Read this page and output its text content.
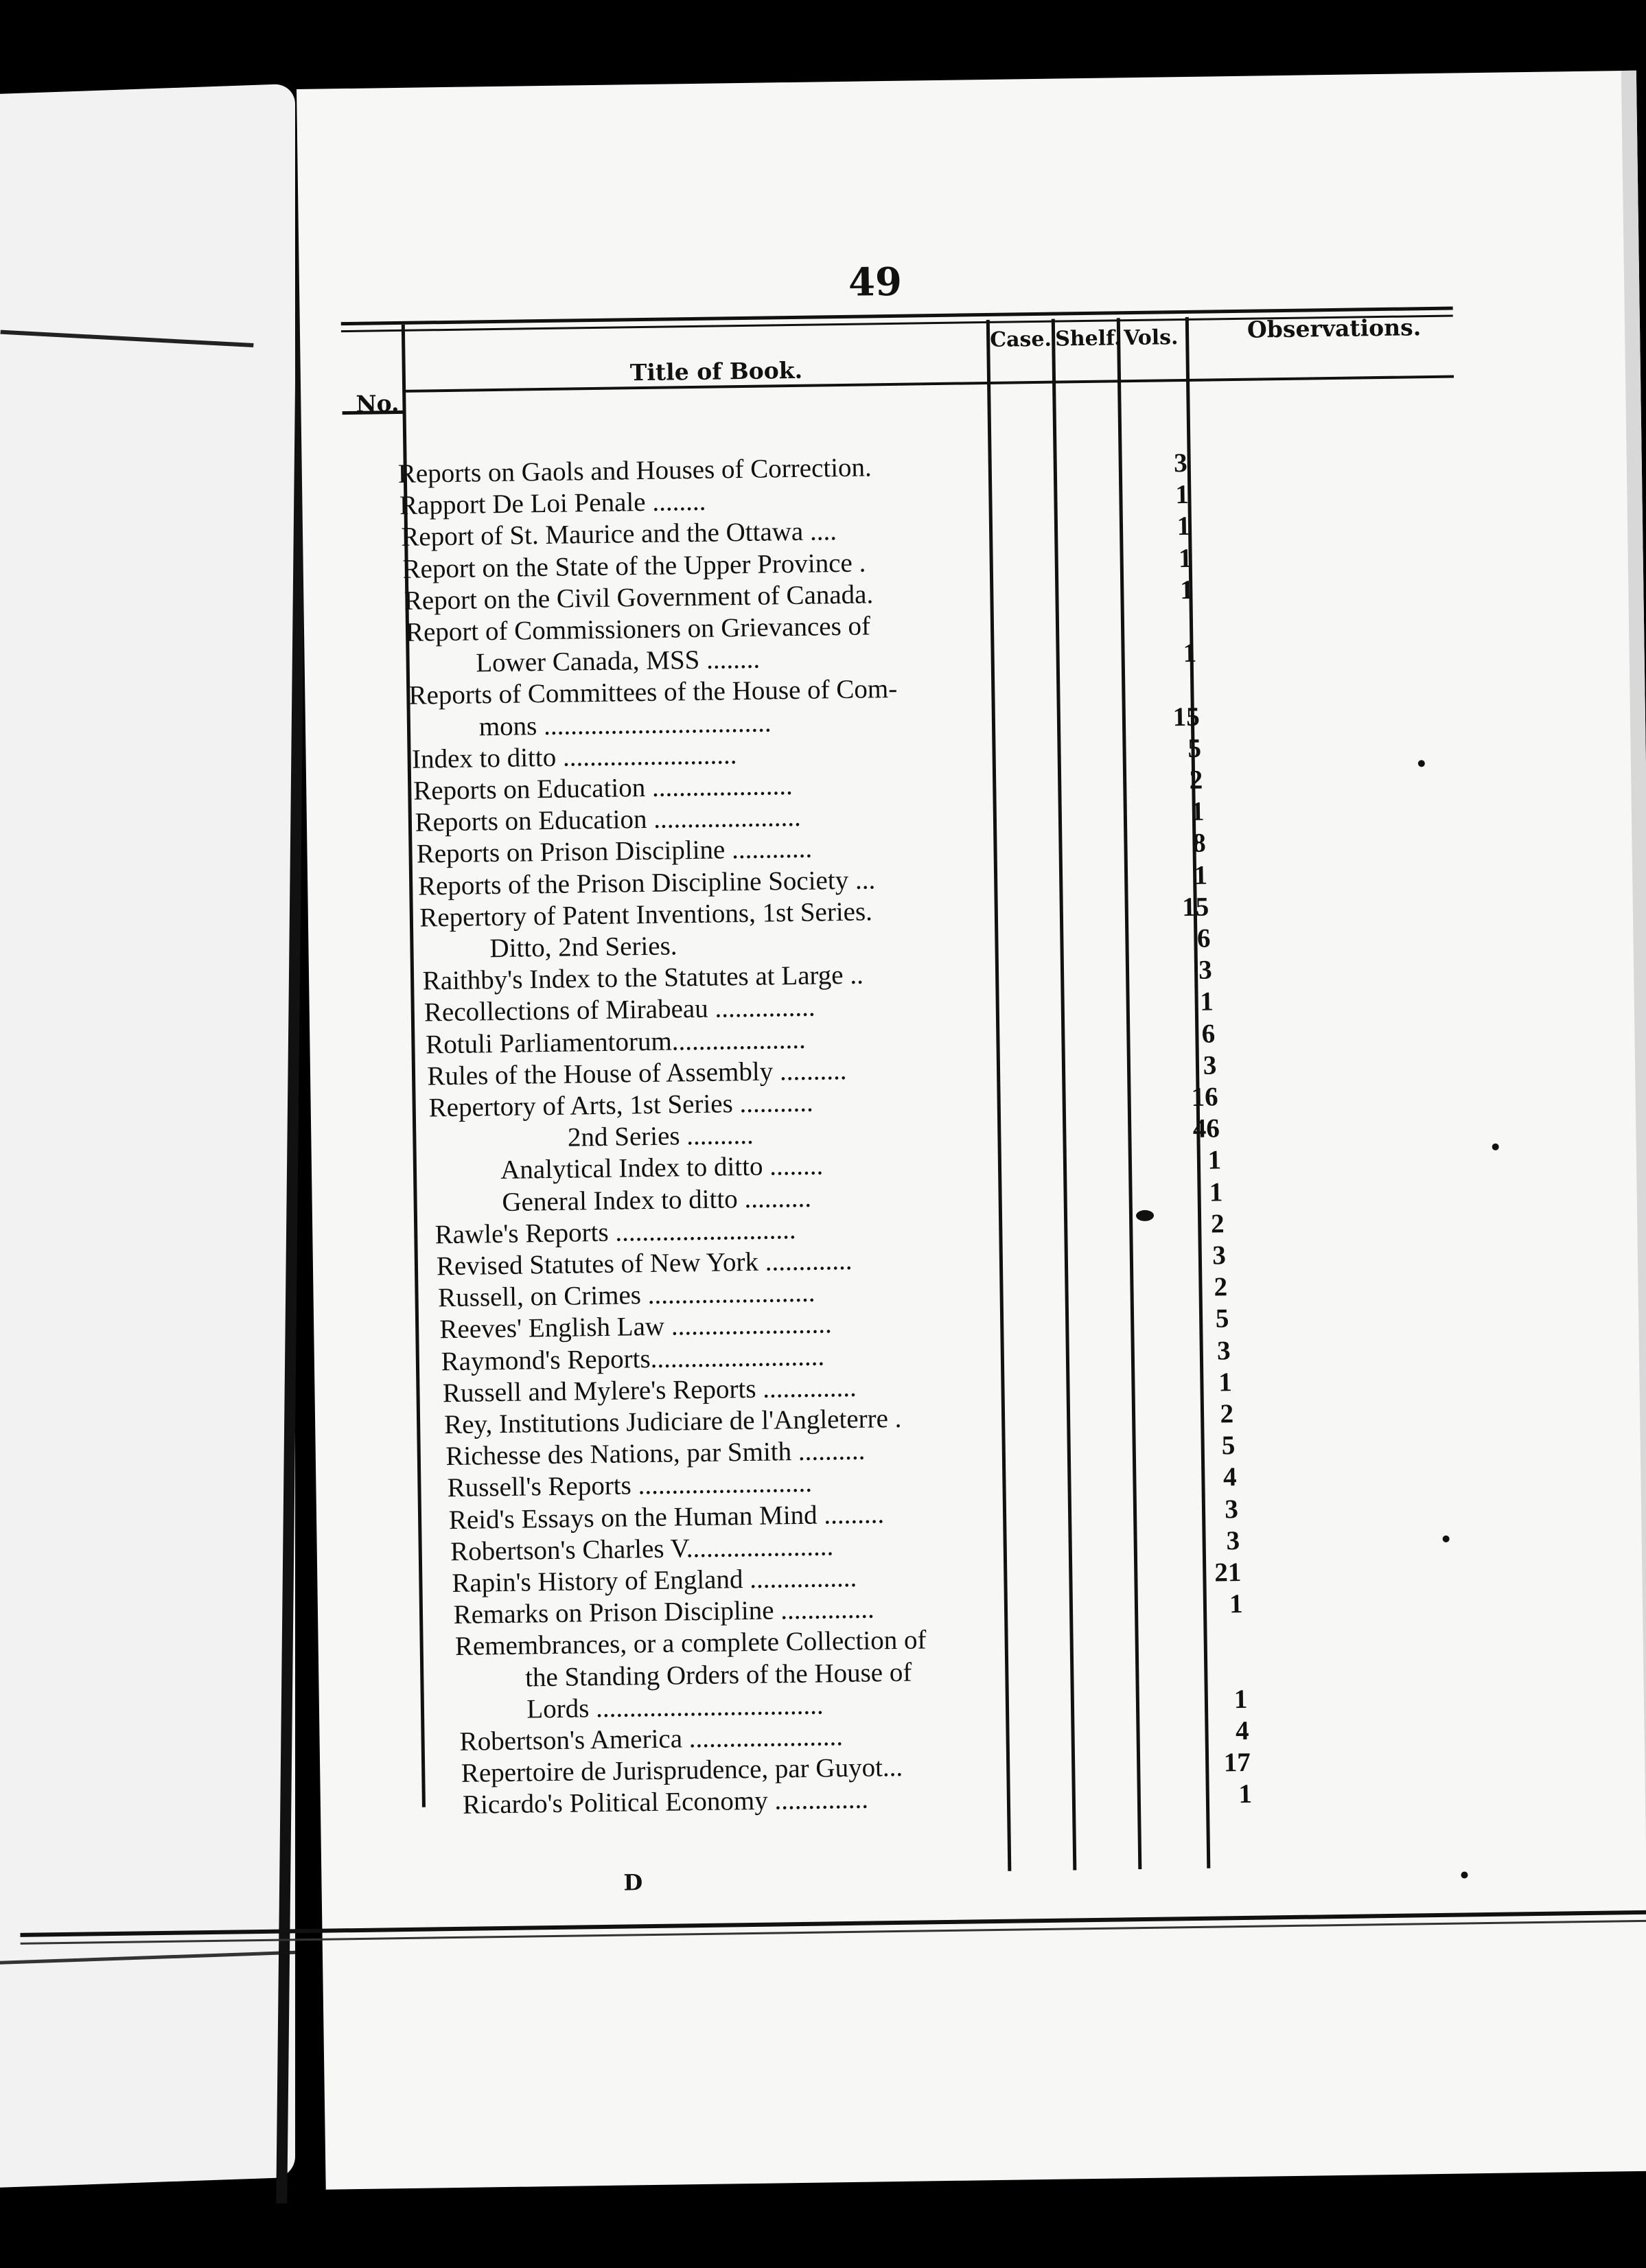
49
No.
Title of Book.
Case. Shelf. Vols.	Observations.
Reports on Gaols and Houses of Correction.	3
Rapport De Loi Penale ........	1
Report of St. Maurice and the Ottawa ....	1
Report on the State of the Upper Province .	1
Report on the Civil Government of Canada.	1
Report of Commissioners on Grievances of
Lower Canada, MSS ........	1
Reports of Committees of the House of Com-
mons ..................................	15
Index to ditto ..........................	5
Reports on Education .....................	2
Reports on Education ......................	1
Reports on Prison Discipline ............	8
Reports of the Prison Discipline Society ...	1
Repertory of Patent Inventions, 1st Series.	15
Ditto, 2nd Series.	6
Raithby's Index to the Statutes at Large ..	3
Recollections of Mirabeau ...............	1
Rotuli Parliamentorum....................	6
Rules of the House of Assembly ..........	3
Repertory of Arts, 1st Series ...........	16
2nd Series ..........	46
Analytical Index to ditto ........	1
General Index to ditto ..........	1
Rawle's Reports ...........................	2
Revised Statutes of New York .............	3
Russell, on Crimes .........................	2
Reeves' English Law ........................	5
Raymond's Reports..........................	3
Russell and Mylere's Reports ..............	1
Rey, Institutions Judiciare de l'Angleterre .	2
Richesse des Nations, par Smith ..........	5
Russell's Reports ..........................	4
Reid's Essays on the Human Mind .........	3
Robertson's Charles V......................	3
Rapin's History of England ................	21
Remarks on Prison Discipline ..............	1
Remembrances, or a complete Collection of
the Standing Orders of the House of
Lords ..................................	1
Robertson's America .......................	4
Repertoire de Jurisprudence, par Guyot...	17
Ricardo's Political Economy ..............	1
D
